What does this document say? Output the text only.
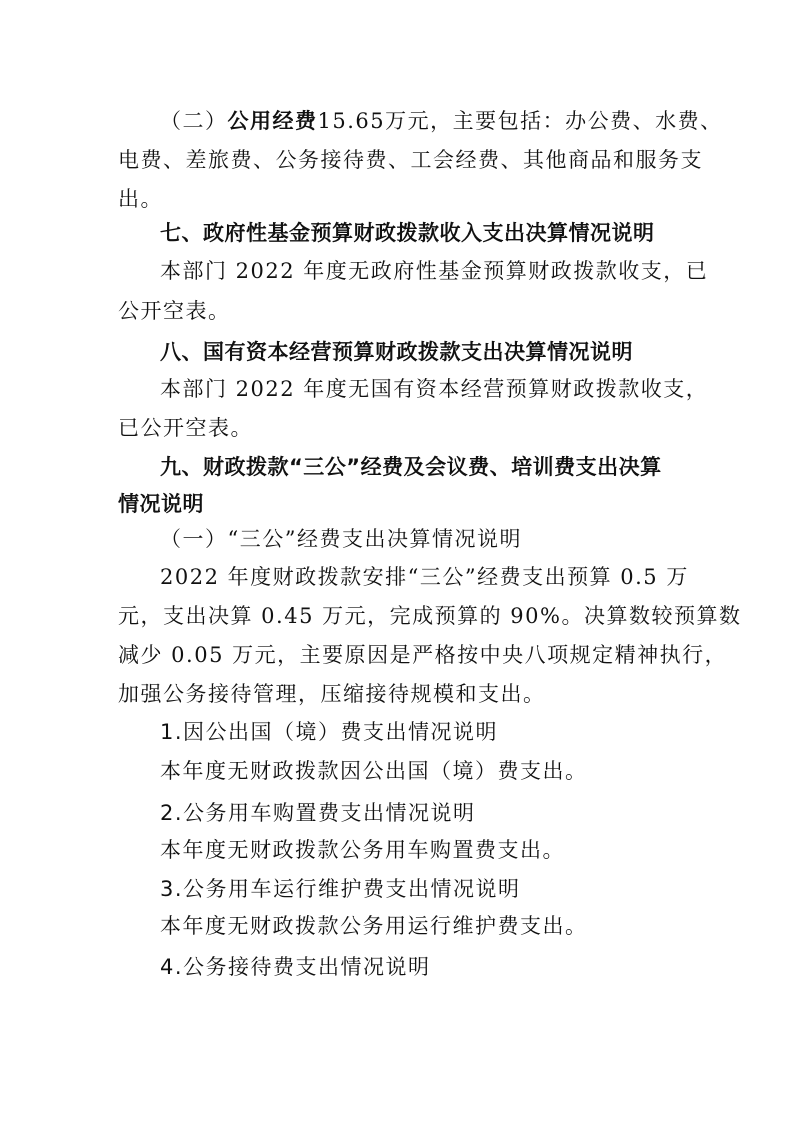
（二）公用经费15.65万元，主要包括：办公费、水费、
电费、差旅费、公务接待费、工会经费、其他商品和服务支
出。
七、政府性基金预算财政拨款收入支出决算情况说明
本部门 2022 年度无政府性基金预算财政拨款收支，已
公开空表。
八、国有资本经营预算财政拨款支出决算情况说明
本部门 2022 年度无国有资本经营预算财政拨款收支，
已公开空表。
九、财政拨款“三公”经费及会议费、培训费支出决算
情况说明
（一）“三公”经费支出决算情况说明
2022 年度财政拨款安排“三公”经费支出预算 0.5 万
元，支出决算 0.45 万元，完成预算的 90%。决算数较预算数
减少 0.05 万元，主要原因是严格按中央八项规定精神执行，
加强公务接待管理，压缩接待规模和支出。
1.因公出国（境）费支出情况说明
本年度无财政拨款因公出国（境）费支出。
2.公务用车购置费支出情况说明
本年度无财政拨款公务用车购置费支出。
3.公务用车运行维护费支出情况说明
本年度无财政拨款公务用运行维护费支出。
4.公务接待费支出情况说明
